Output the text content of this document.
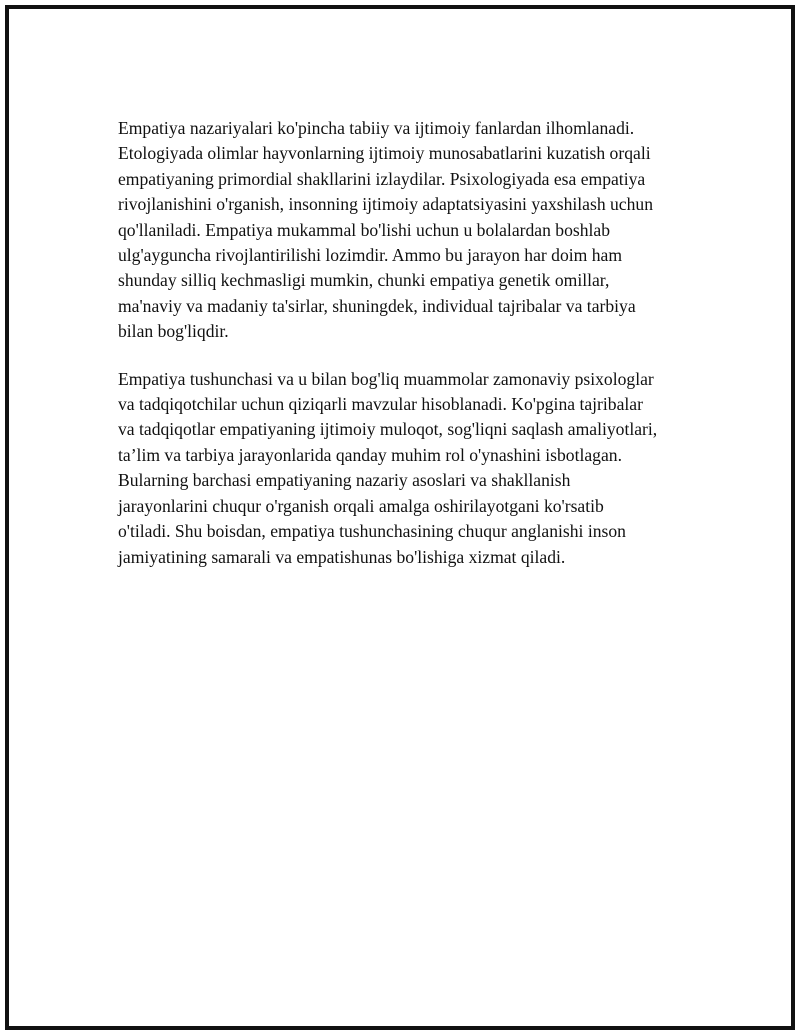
Empatiya nazariyalari ko'pincha tabiiy va ijtimoiy fanlardan ilhomlanadi.
Etologiyada olimlar hayvonlarning ijtimoiy munosabatlarini kuzatish orqali
empatiyaning primordial shakllarini izlaydilar. Psixologiyada esa empatiya
rivojlanishini o'rganish, insonning ijtimoiy adaptatsiyasini yaxshilash uchun
qo'llaniladi. Empatiya mukammal bo'lishi uchun u bolalardan boshlab
ulg'ayguncha rivojlantirilishi lozimdir. Ammo bu jarayon har doim ham
shunday silliq kechmasligi mumkin, chunki empatiya genetik omillar,
ma'naviy va madaniy ta'sirlar, shuningdek, individual tajribalar va tarbiya
bilan bog'liqdir.

Empatiya tushunchasi va u bilan bog'liq muammolar zamonaviy psixologlar
va tadqiqotchilar uchun qiziqarli mavzular hisoblanadi. Ko'pgina tajribalar
va tadqiqotlar empatiyaning ijtimoiy muloqot, sog'liqni saqlash amaliyotlari,
ta’lim va tarbiya jarayonlarida qanday muhim rol o'ynashini isbotlagan.
Bularning barchasi empatiyaning nazariy asoslari va shakllanish
jarayonlarini chuqur o'rganish orqali amalga oshirilayotgani ko'rsatib
o'tiladi. Shu boisdan, empatiya tushunchasining chuqur anglanishi inson
jamiyatining samarali va empatishunas bo'lishiga xizmat qiladi.
